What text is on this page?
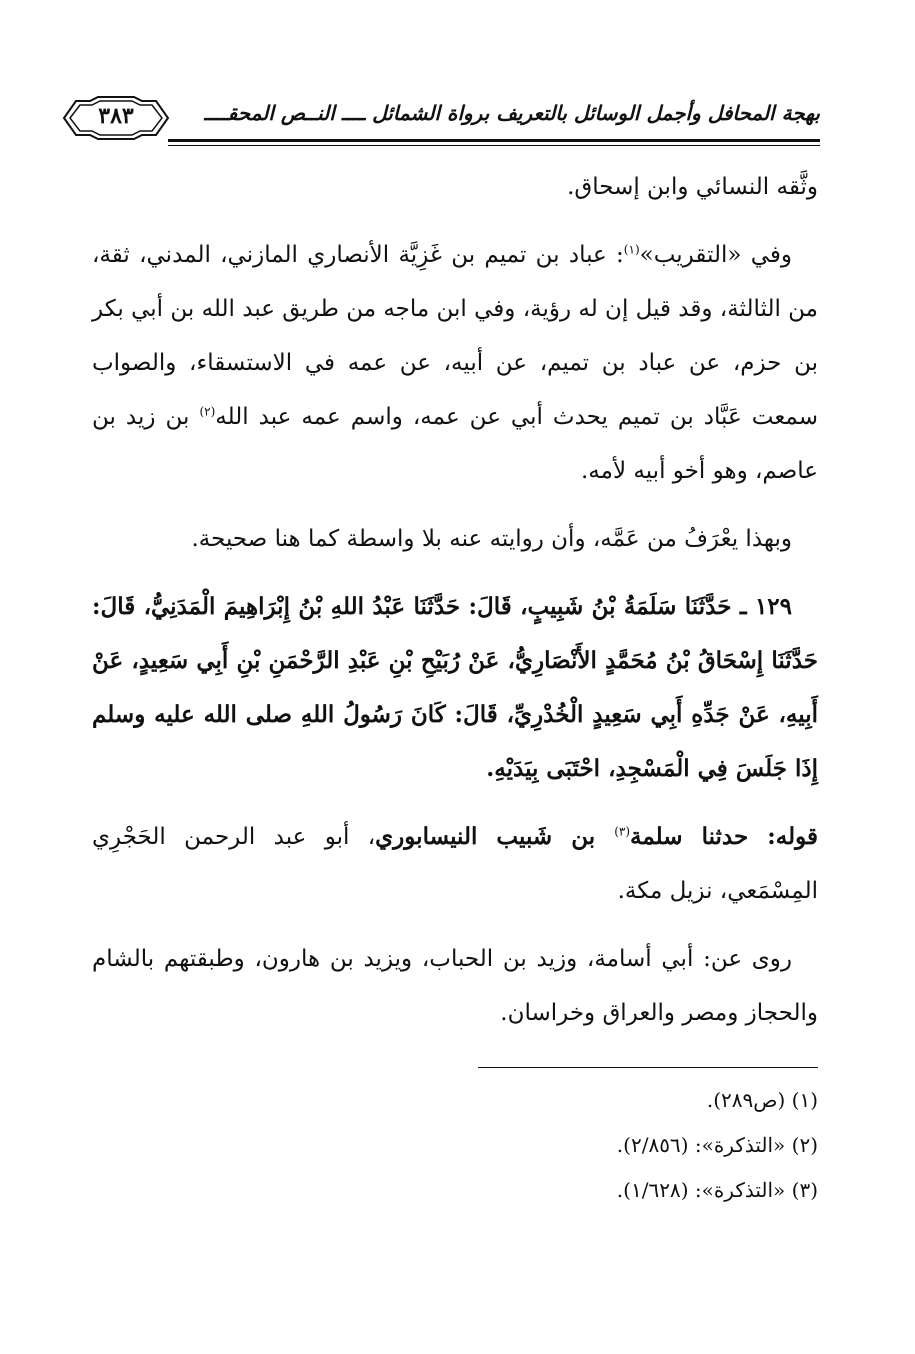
بهجة المحافل وأجمل الوسائل بالتعريف برواة الشمائل ــــ النــص المحقــــ
٣٨٣

وثَّقه النسائي وابن إسحاق.

وفي «التقريب»$^{(١)}$: عباد بن تميم بن غَزِيَّة الأنصاري المازني، المدني، ثقة، من الثالثة، وقد قيل إن له رؤية، وفي ابن ماجه من طريق عبد الله بن أبي بكر بن حزم، عن عباد بن تميم، عن أبيه، عن عمه في الاستسقاء، والصواب سمعت عَبَّاد بن تميم يحدث أبي عن عمه، واسم عمه عبد الله$^{(٢)}$ بن زيد بن عاصم، وهو أخو أبيه لأمه.

وبهذا يعْرَفُ من عَمَّه، وأن روايته عنه بلا واسطة كما هنا صحيحة.

١٢٩ ـ حَدَّثَنَا سَلَمَةُ بْنُ شَبِيبٍ، قَالَ: حَدَّثَنَا عَبْدُ اللهِ بْنُ إِبْرَاهِيمَ الْمَدَنِيُّ، قَالَ: حَدَّثَنَا إِسْحَاقُ بْنُ مُحَمَّدٍ الأَنْصَارِيُّ، عَنْ رُبَيْحِ بْنِ عَبْدِ الرَّحْمَنِ بْنِ أَبِي سَعِيدٍ، عَنْ أَبِيهِ، عَنْ جَدِّهِ أَبِي سَعِيدٍ الْخُدْرِيِّ، قَالَ: كَانَ رَسُولُ اللهِ صلى الله عليه وسلم إِذَا جَلَسَ فِي الْمَسْجِدِ، احْتَبَى بِيَدَيْهِ.

قوله: حدثنا سلمة$^{(٣)}$ بن شَبيب النيسابوري، أبو عبد الرحمن الحَجْرِي المِسْمَعي، نزيل مكة.

روى عن: أبي أسامة، وزيد بن الحباب، ويزيد بن هارون، وطبقتهم بالشام والحجاز ومصر والعراق وخراسان.

(١) (ص٢٨٩).
(٢) «التذكرة»: (٢/٨٥٦).
(٣) «التذكرة»: (١/٦٢٨).
